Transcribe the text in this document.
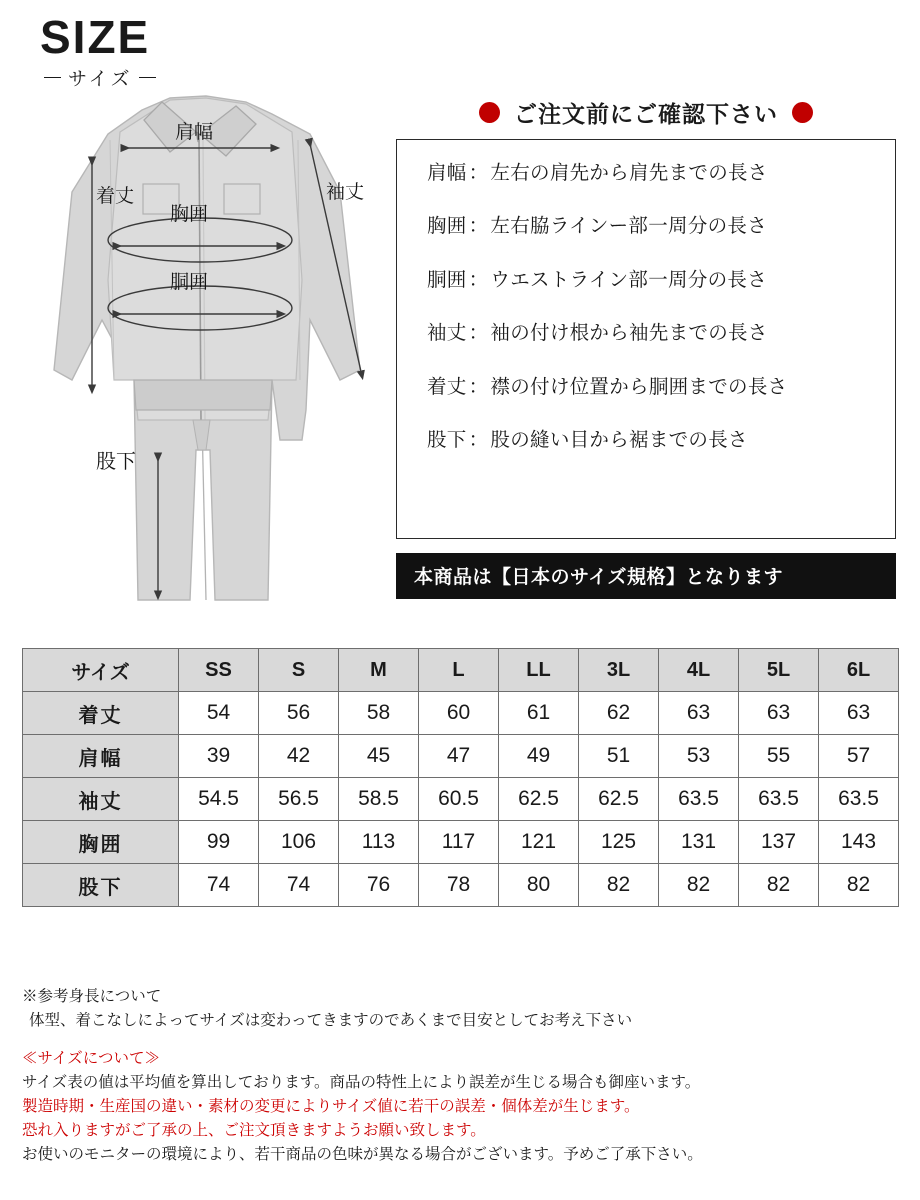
SIZE
サイズ
肩幅
着丈
胸囲
胴囲
袖丈
股下
ご注文前にご確認下さい
肩幅 ： 左右の肩先から肩先までの長さ
胸囲 ： 左右脇ラインー部一周分の長さ
胴囲 ： ウエストライン部一周分の長さ
袖丈 ： 袖の付け根から袖先までの長さ
着丈 ： 襟の付け位置から胴囲までの長さ
股下 ： 股の縫い目から裾までの長さ
本商品は【日本のサイズ規格】となります
サイズ	SS	S	M	L	LL	3L	4L	5L	6L
着丈	54	56	58	60	61	62	63	63	63
肩幅	39	42	45	47	49	51	53	55	57
袖丈	54.5	56.5	58.5	60.5	62.5	62.5	63.5	63.5	63.5
胸囲	99	106	113	117	121	125	131	137	143
股下	74	74	76	78	80	82	82	82	82
※参考身長について
体型、着こなしによってサイズは変わってきますのであくまで目安としてお考え下さい
≪サイズについて≫
サイズ表の値は平均値を算出しております。商品の特性上により誤差が生じる場合も御座います。
製造時期・生産国の違い・素材の変更によりサイズ値に若干の誤差・個体差が生じます。
恐れ入りますがご了承の上、ご注文頂きますようお願い致します。
お使いのモニターの環境により、若干商品の色味が異なる場合がございます。予めご了承下さい。
